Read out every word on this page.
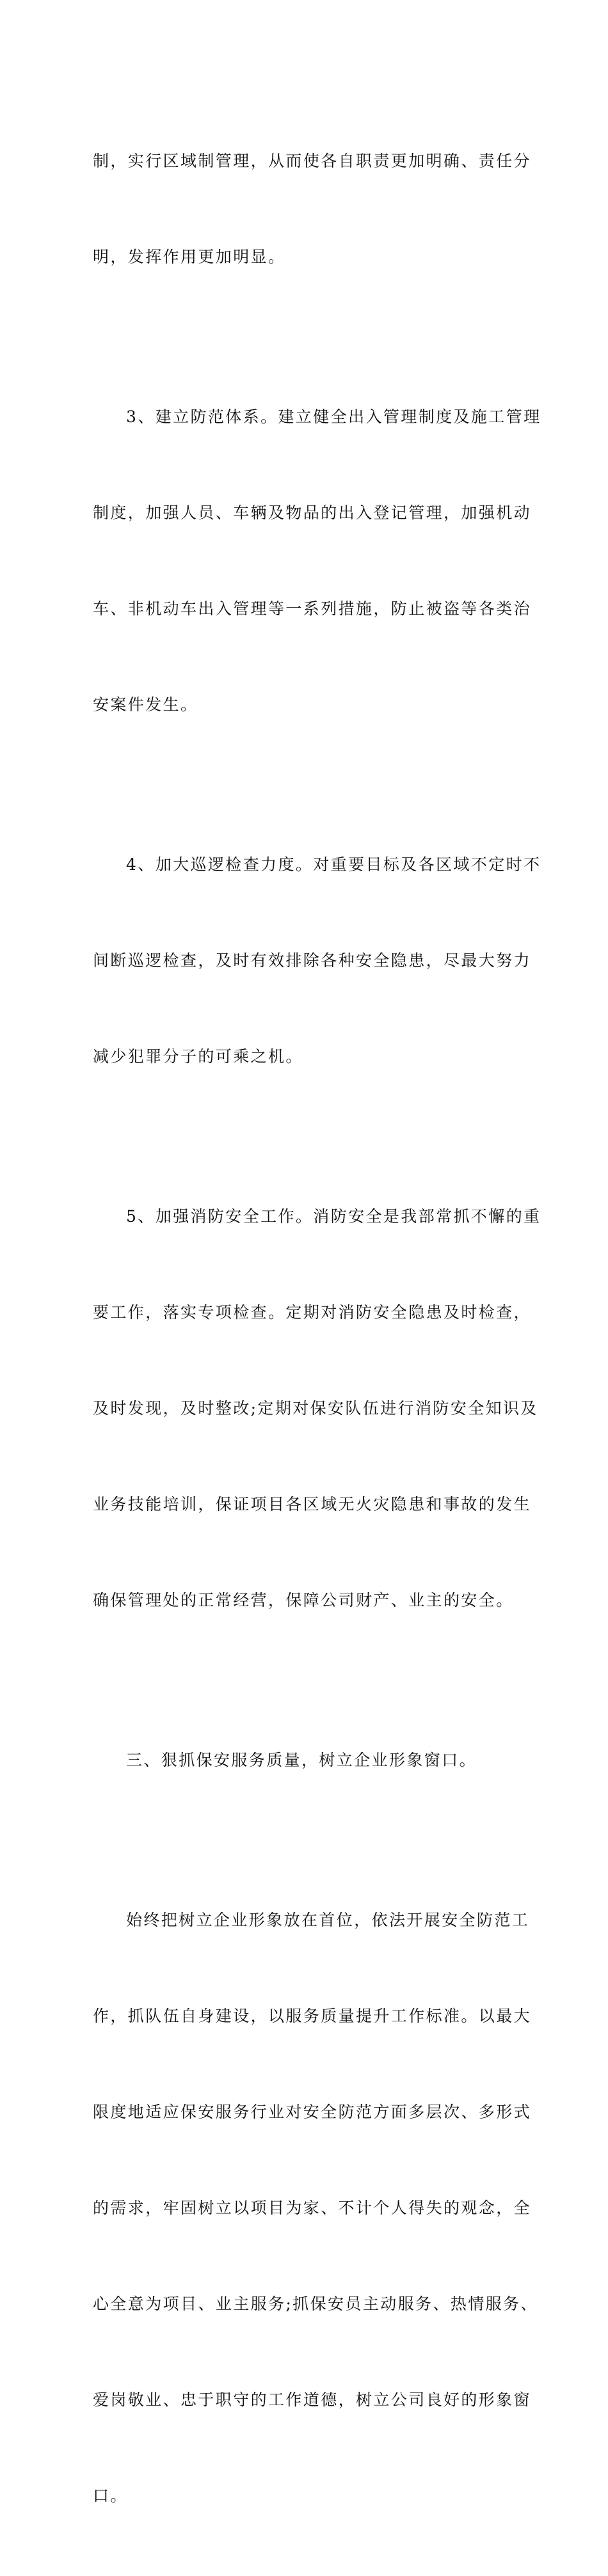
制，实行区域制管理，从而使各自职责更加明确、责任分

明，发挥作用更加明显。

3、建立防范体系。建立健全出入管理制度及施工管理

制度，加强人员、车辆及物品的出入登记管理，加强机动

车、非机动车出入管理等一系列措施，防止被盗等各类治

安案件发生。

4、加大巡逻检查力度。对重要目标及各区域不定时不

间断巡逻检查，及时有效排除各种安全隐患，尽最大努力

减少犯罪分子的可乘之机。

5、加强消防安全工作。消防安全是我部常抓不懈的重

要工作，落实专项检查。定期对消防安全隐患及时检查，

及时发现，及时整改;定期对保安队伍进行消防安全知识及

业务技能培训，保证项目各区域无火灾隐患和事故的发生

确保管理处的正常经营，保障公司财产、业主的安全。

三、狠抓保安服务质量，树立企业形象窗口。

始终把树立企业形象放在首位，依法开展安全防范工

作，抓队伍自身建设，以服务质量提升工作标准。以最大

限度地适应保安服务行业对安全防范方面多层次、多形式

的需求，牢固树立以项目为家、不计个人得失的观念，全

心全意为项目、业主服务;抓保安员主动服务、热情服务、

爱岗敬业、忠于职守的工作道德，树立公司良好的形象窗

口。
